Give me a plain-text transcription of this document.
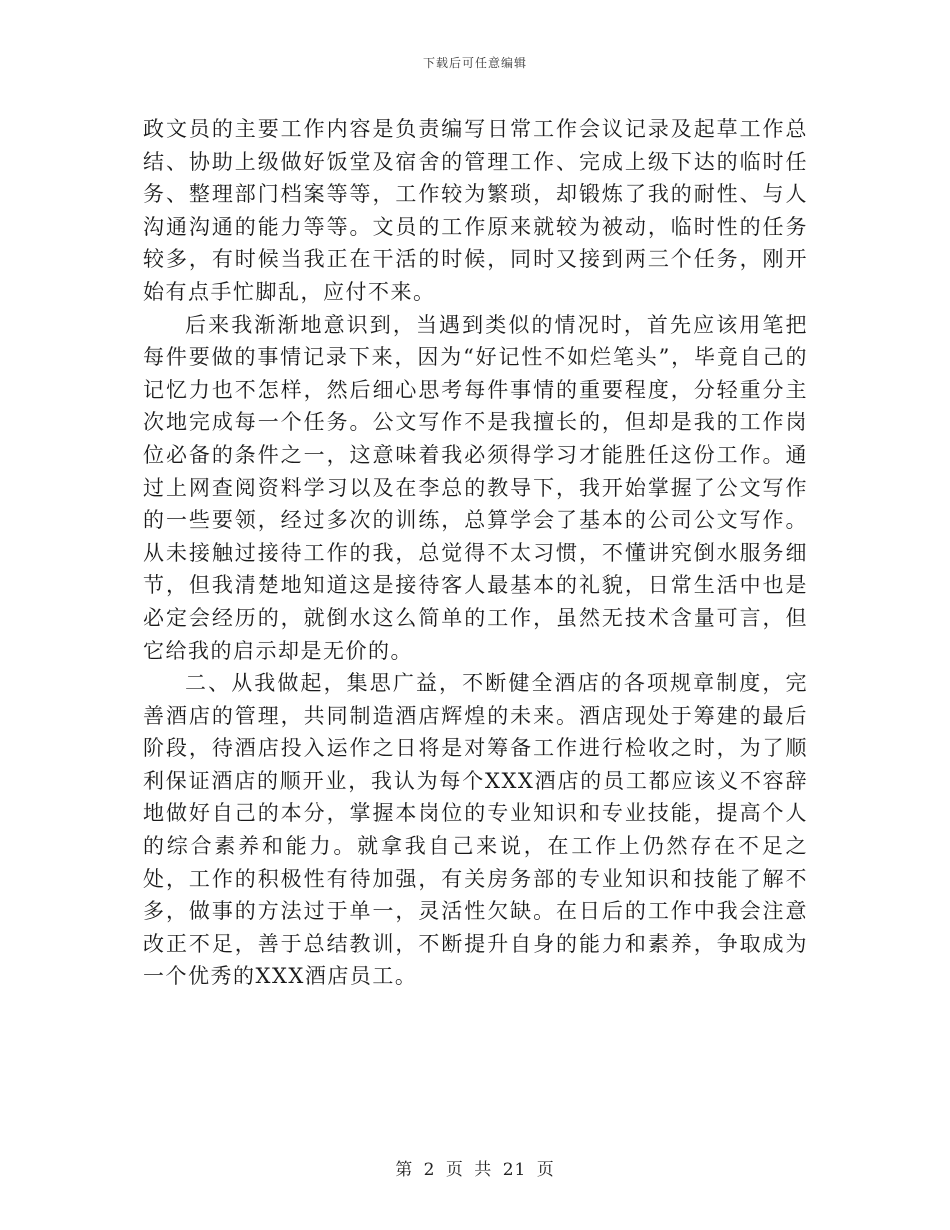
下载后可任意编辑

政文员的主要工作内容是负责编写日常工作会议记录及起草工作总结、协助上级做好饭堂及宿舍的管理工作、完成上级下达的临时任务、整理部门档案等等，工作较为繁琐，却锻炼了我的耐性、与人沟通沟通的能力等等。文员的工作原来就较为被动，临时性的任务较多，有时候当我正在干活的时候，同时又接到两三个任务，刚开始有点手忙脚乱，应付不来。

后来我渐渐地意识到，当遇到类似的情况时，首先应该用笔把每件要做的事情记录下来，因为“好记性不如烂笔头”，毕竟自己的记忆力也不怎样，然后细心思考每件事情的重要程度，分轻重分主次地完成每一个任务。公文写作不是我擅长的，但却是我的工作岗位必备的条件之一，这意味着我必须得学习才能胜任这份工作。通过上网查阅资料学习以及在李总的教导下，我开始掌握了公文写作的一些要领，经过多次的训练，总算学会了基本的公司公文写作。从未接触过接待工作的我，总觉得不太习惯，不懂讲究倒水服务细节，但我清楚地知道这是接待客人最基本的礼貌，日常生活中也是必定会经历的，就倒水这么简单的工作，虽然无技术含量可言，但它给我的启示却是无价的。

二、从我做起，集思广益，不断健全酒店的各项规章制度，完善酒店的管理，共同制造酒店辉煌的未来。酒店现处于筹建的最后阶段，待酒店投入运作之日将是对筹备工作进行检收之时，为了顺利保证酒店的顺开业，我认为每个XXX酒店的员工都应该义不容辞地做好自己的本分，掌握本岗位的专业知识和专业技能，提高个人的综合素养和能力。就拿我自己来说，在工作上仍然存在不足之处，工作的积极性有待加强，有关房务部的专业知识和技能了解不多，做事的方法过于单一，灵活性欠缺。在日后的工作中我会注意改正不足，善于总结教训，不断提升自身的能力和素养，争取成为一个优秀的XXX酒店员工。

第 2 页 共 21 页
